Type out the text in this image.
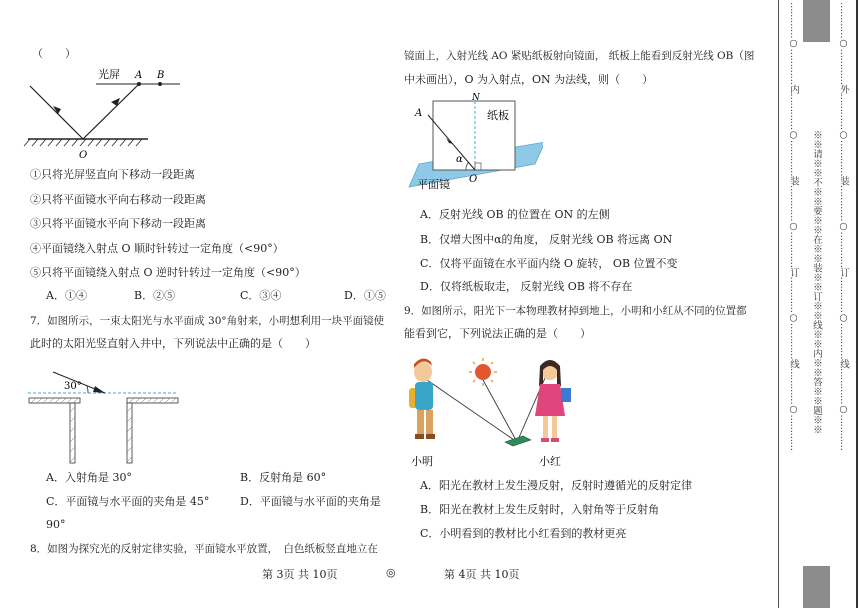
（　　）
光屏 A B
O
①只将光屏竖直向下移动一段距离
②只将平面镜水平向右移动一段距离
③只将平面镜水平向下移动一段距离
④平面镜绕入射点 O 顺时针转过一定角度（<90°）
⑤只将平面镜绕入射点 O 逆时针转过一定角度（<90°）
A．①④	B．②⑤	C．③④	D．①⑤
7．如图所示，一束太阳光与水平面成 30°角射来，小明想利用一块平面镜使
此时的太阳光竖直射入井中，下列说法中正确的是（　　）
30°
A．入射角是 30°	B．反射角是 60°
C．平面镜与水平面的夹角是 45°	D．平面镜与水平面的夹角是
90°
8．如图为探究光的反射定律实验，平面镜水平放置，　白色纸板竖直地立在
镜面上，入射光线 AO 紧贴纸板射向镜面， 纸板上能看到反射光线 OB（图
中未画出），O 为入射点，ON 为法线，则（　　）
A
N
纸板
α
O
平面镜
A．反射光线 OB 的位置在 ON 的左侧
B．仅增大图中α的角度， 反射光线 OB 将远离 ON
C．仅将平面镜在水平面内绕 O 旋转， OB 位置不变
D．仅将纸板取走， 反射光线 OB 将不存在
9．如图所示，阳光下一本物理教材掉到地上，小明和小红从不同的位置都
能看到它，下列说法正确的是（　　）
小明	小红
A．阳光在教材上发生漫反射，反射时遵循光的反射定律
B．阳光在教材上发生反射时，入射角等于反射角
C．小明看到的教材比小红看到的教材更亮
第 3页 共 10页	◎	第 4页 共 10页
…………○…………内…………○…………装…………○…………订…………○…………线…………○………… ※※请※※不※※要※※在※※装※※订※※线※※内※※答※※题※※ …………○…………外…………○…………装…………○…………订…………○…………线…………○…………
